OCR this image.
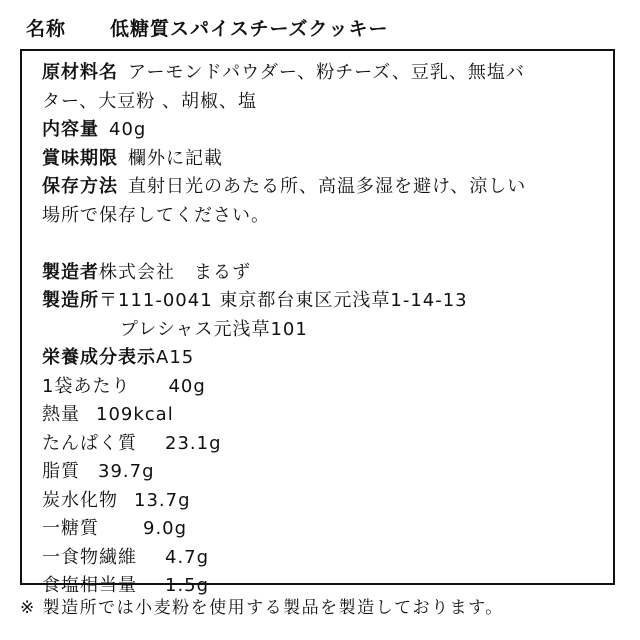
名称 低糖質スパイスチーズクッキー
原材料名 アーモンドパウダー、粉チーズ、豆乳、無塩バ
ター、大豆粉 、胡椒、塩
内容量 40g
賞味期限 欄外に記載
保存方法 直射日光のあたる所、高温多湿を避け、涼しい
場所で保存してください。
製造者株式会社　まるず
製造所〒111-0041 東京都台東区元浅草1-14-13
プレシャス元浅草101
栄養成分表示A15
1袋あたり 40g
熱量 109kcal
たんぱく質 23.1g
脂質 39.7g
炭水化物 13.7g
一糖質 9.0g
一食物繊維 4.7g
食塩相当量 1.5g
※ 製造所では小麦粉を使用する製品を製造しております。
